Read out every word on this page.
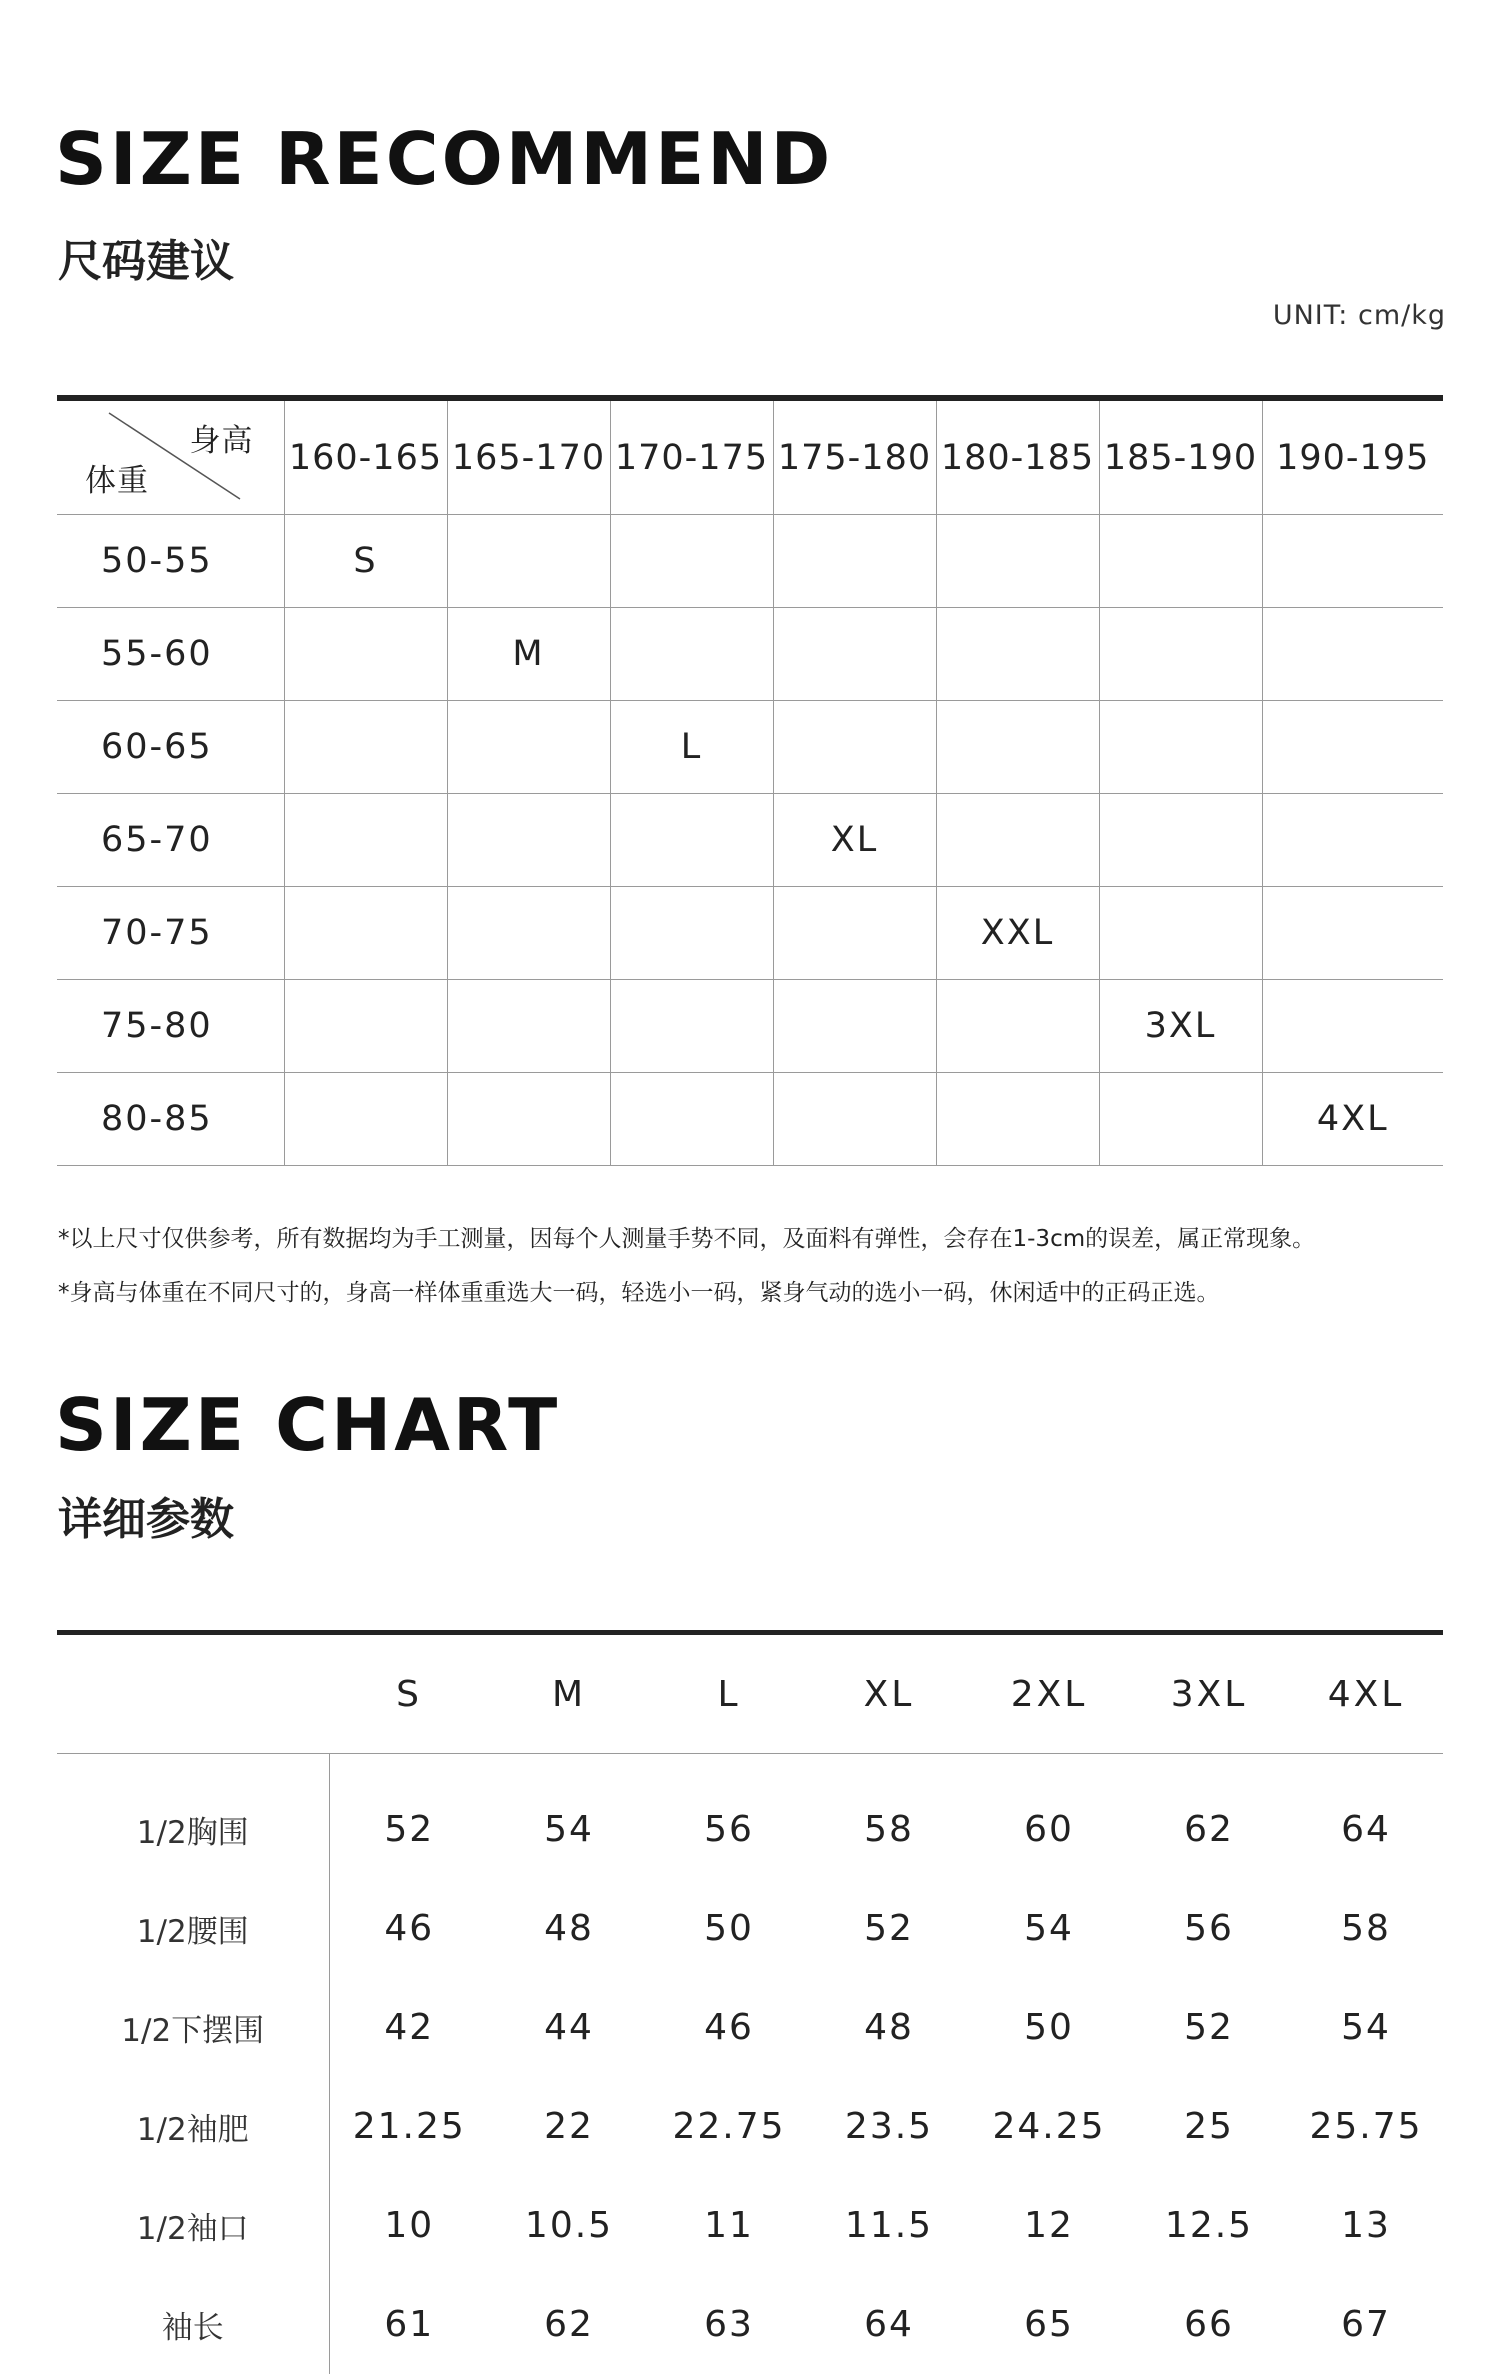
SIZE RECOMMEND
尺码建议
UNIT: cm/kg
身高
体重	160-165	165-170	170-175	175-180	180-185	185-190	190-195
50-55	S						
55-60		M					
60-65			L				
65-70				XL			
70-75					XXL		
75-80						3XL	
80-85							4XL

*以上尺寸仅供参考，所有数据均为手工测量，因每个人测量手势不同，及面料有弹性，会存在1-3cm的误差，属正常现象。

*身高与体重在不同尺寸的，身高一样体重重选大一码，轻选小一码，紧身气动的选小一码，休闲适中的正码正选。

SIZE CHART
详细参数
	S	M	L	XL	2XL	3XL	4XL
1/2胸围	52	54	56	58	60	62	64
1/2腰围	46	48	50	52	54	56	58
1/2下摆围	42	44	46	48	50	52	54
1/2袖肥	21.25	22	22.75	23.5	24.25	25	25.75
1/2袖口	10	10.5	11	11.5	12	12.5	13
袖长	61	62	63	64	65	66	67
